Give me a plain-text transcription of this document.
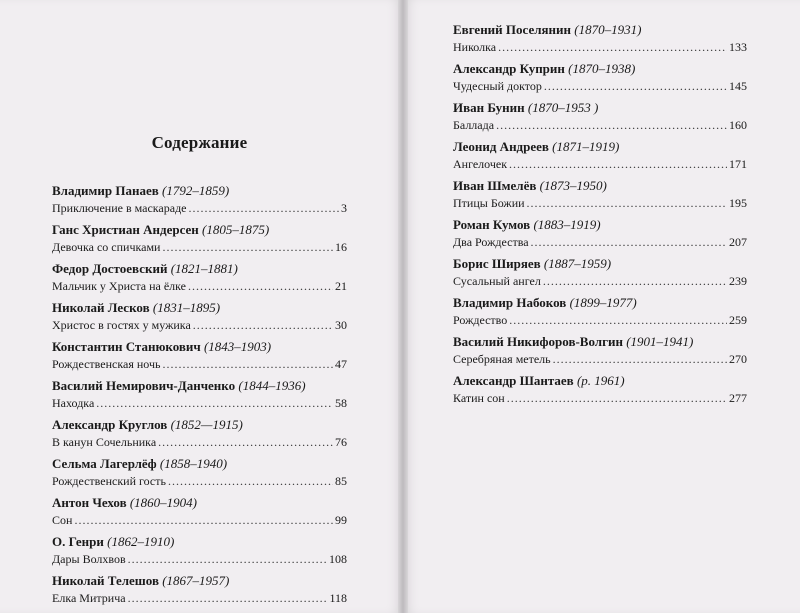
Содержание
Владимир Панаев (1792–1859)
Приключение в маскараде .....	3
Ганс Христиан Андерсен (1805–1875)
Девочка со спичками .....	16
Федор Достоевский (1821–1881)
Мальчик у Христа на ёлке .....	21
Николай Лесков (1831–1895)
Христос в гостях у мужика .....	30
Константин Станюкович (1843–1903)
Рождественская ночь .....	47
Василий Немирович-Данченко (1844–1936)
Находка .....	58
Александр Круглов (1852—1915)
В канун Сочельника .....	76
Сельма Лагерлёф (1858–1940)
Рождественский гость .....	85
Антон Чехов (1860–1904)
Сон .....	99
О. Генри (1862–1910)
Дары Волхвов .....	108
Николай Телешов (1867–1957)
Елка Митрича .....	118
Евгений Поселянин (1870–1931)
Николка .....	133
Александр Куприн (1870–1938)
Чудесный доктор .....	145
Иван Бунин (1870–1953 )
Баллада .....	160
Леонид Андреев (1871–1919)
Ангелочек .....	171
Иван Шмелёв (1873–1950)
Птицы Божии .....	195
Роман Кумов (1883–1919)
Два Рождества .....	207
Борис Ширяев (1887–1959)
Сусальный ангел .....	239
Владимир Набоков (1899–1977)
Рождество .....	259
Василий Никифоров-Волгин (1901–1941)
Серебряная метель .....	270
Александр Шантаев (р. 1961)
Катин сон .....	277
